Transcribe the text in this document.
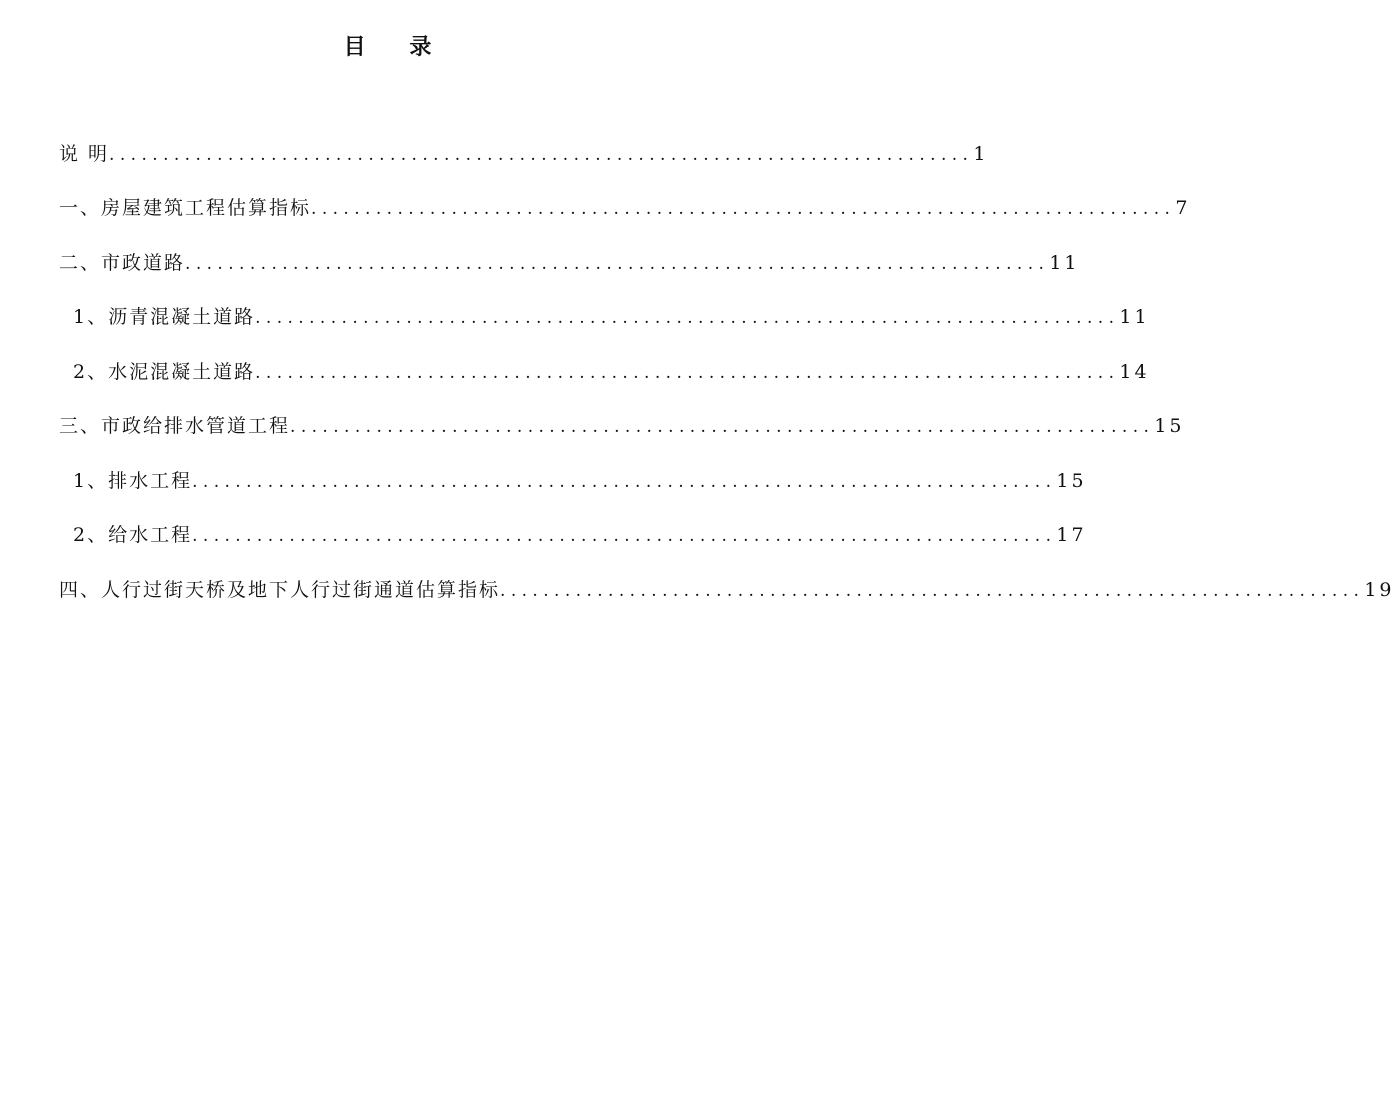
目 录
说 明 ................................................................................ 1
一、房屋建筑工程估算指标 ................................................................................ 7
二、市政道路 ................................................................................ 11
1、沥青混凝土道路 ................................................................................ 11
2、水泥混凝土道路 ................................................................................ 14
三、市政给排水管道工程 ................................................................................ 15
1、排水工程 ................................................................................ 15
2、给水工程 ................................................................................ 17
四、人行过街天桥及地下人行过街通道估算指标 ................................................................................ 19
